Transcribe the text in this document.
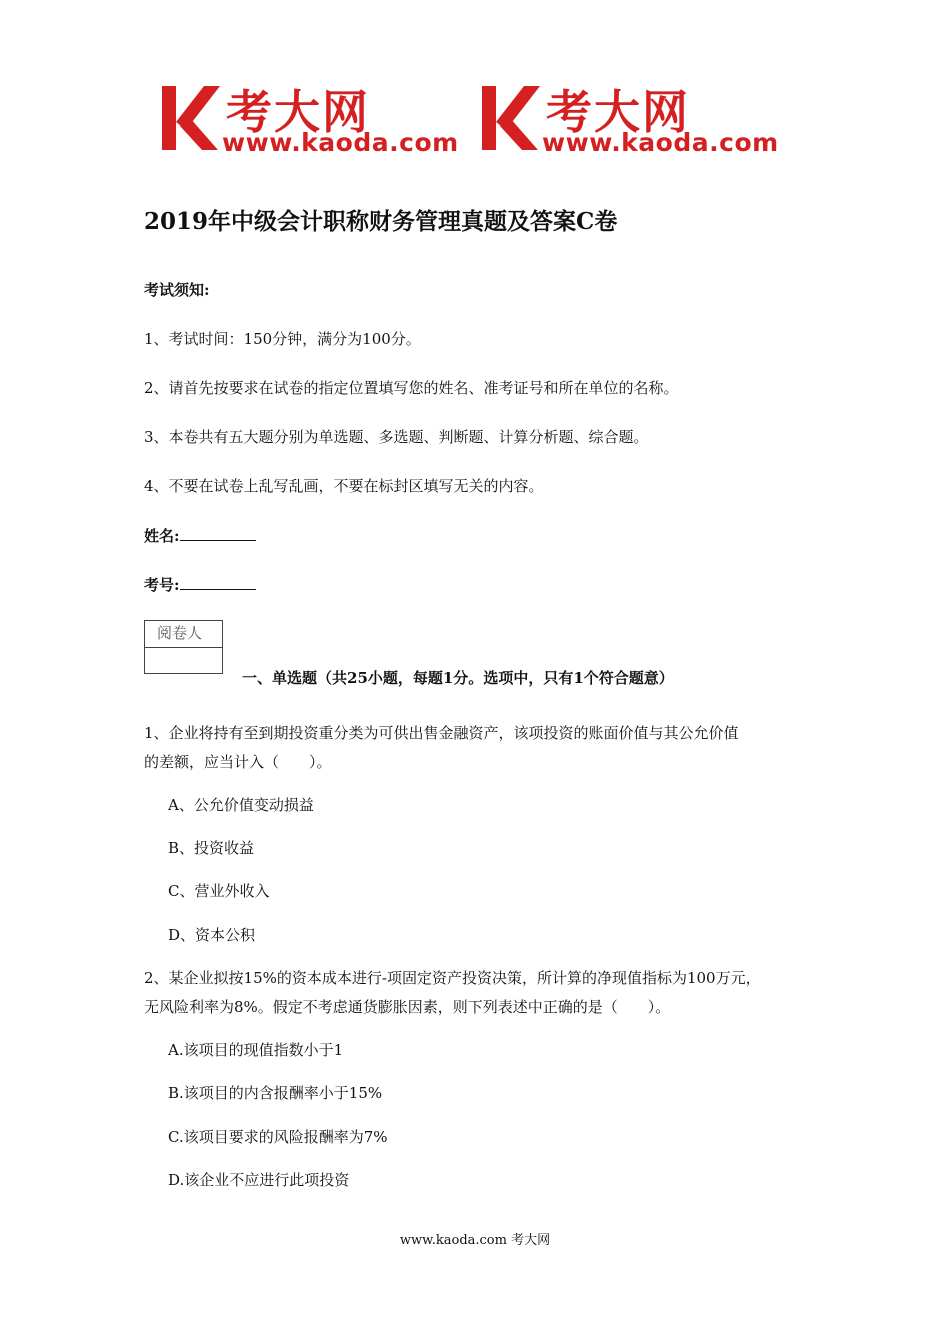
考大网
www.kaoda.com
考大网
www.kaoda.com
2019年中级会计职称财务管理真题及答案C卷
考试须知:
1、考试时间：150分钟，满分为100分。
2、请首先按要求在试卷的指定位置填写您的姓名、准考证号和所在单位的名称。
3、本卷共有五大题分别为单选题、多选题、判断题、计算分析题、综合题。
4、不要在试卷上乱写乱画，不要在标封区填写无关的内容。
姓名:
考号:
阅卷人
一、单选题（共25小题，每题1分。选项中，只有1个符合题意）
1、企业将持有至到期投资重分类为可供出售金融资产，该项投资的账面价值与其公允价值
的差额，应当计入（　　）。
A、公允价值变动损益
B、投资收益
C、营业外收入
D、资本公积
2、某企业拟按15%的资本成本进行-项固定资产投资决策，所计算的净现值指标为100万元，
无风险利率为8%。假定不考虑通货膨胀因素，则下列表述中正确的是（　　）。
A.该项目的现值指数小于1
B.该项目的内含报酬率小于15%
C.该项目要求的风险报酬率为7%
D.该企业不应进行此项投资
www.kaoda.com 考大网
